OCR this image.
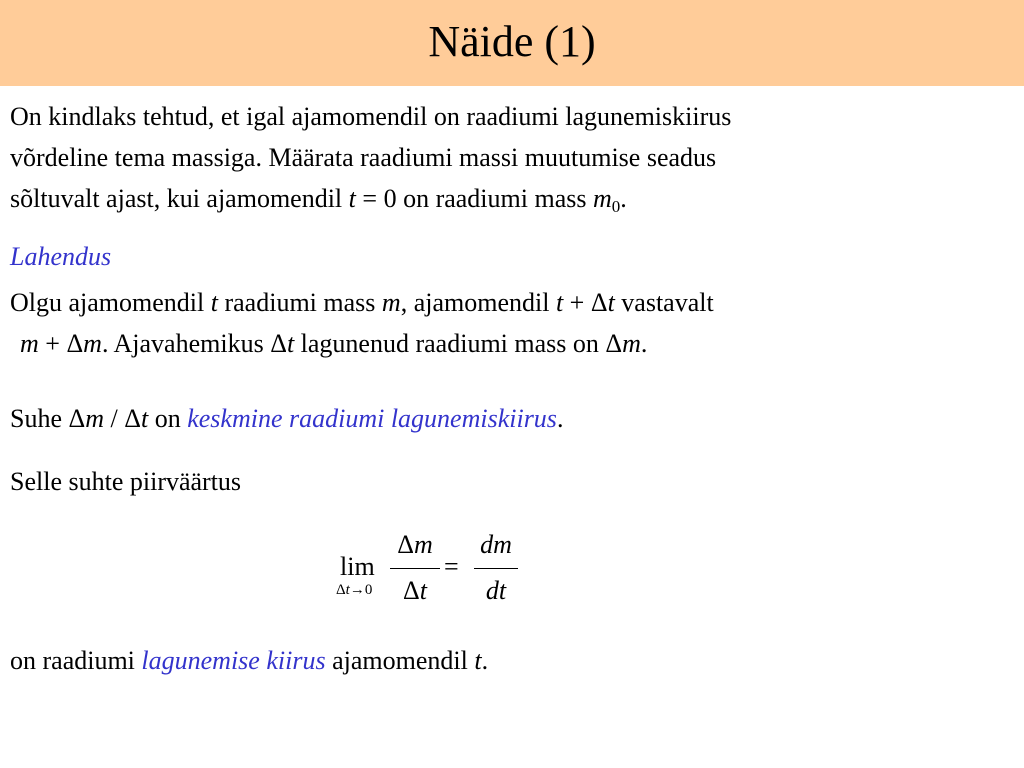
Näide (1)
On kindlaks tehtud, et igal ajamomendil on raadiumi lagunemiskiirus
võrdeline tema massiga. Määrata raadiumi massi muutumise seadus
sõltuvalt ajast, kui ajamomendil t = 0 on raadiumi mass $m_0$.
Lahendus
Olgu ajamomendil t raadiumi mass m, ajamomendil t + Δt vastavalt
m + Δm. Ajavahemikus Δt lagunenud raadiumi mass on Δm.
Suhe Δm / Δt on keskmine raadiumi lagunemiskiirus.
Selle suhte piirväärtus
lim
Δt→0
Δm
Δt
=
dm
dt
on raadiumi lagunemise kiirus ajamomendil t.
